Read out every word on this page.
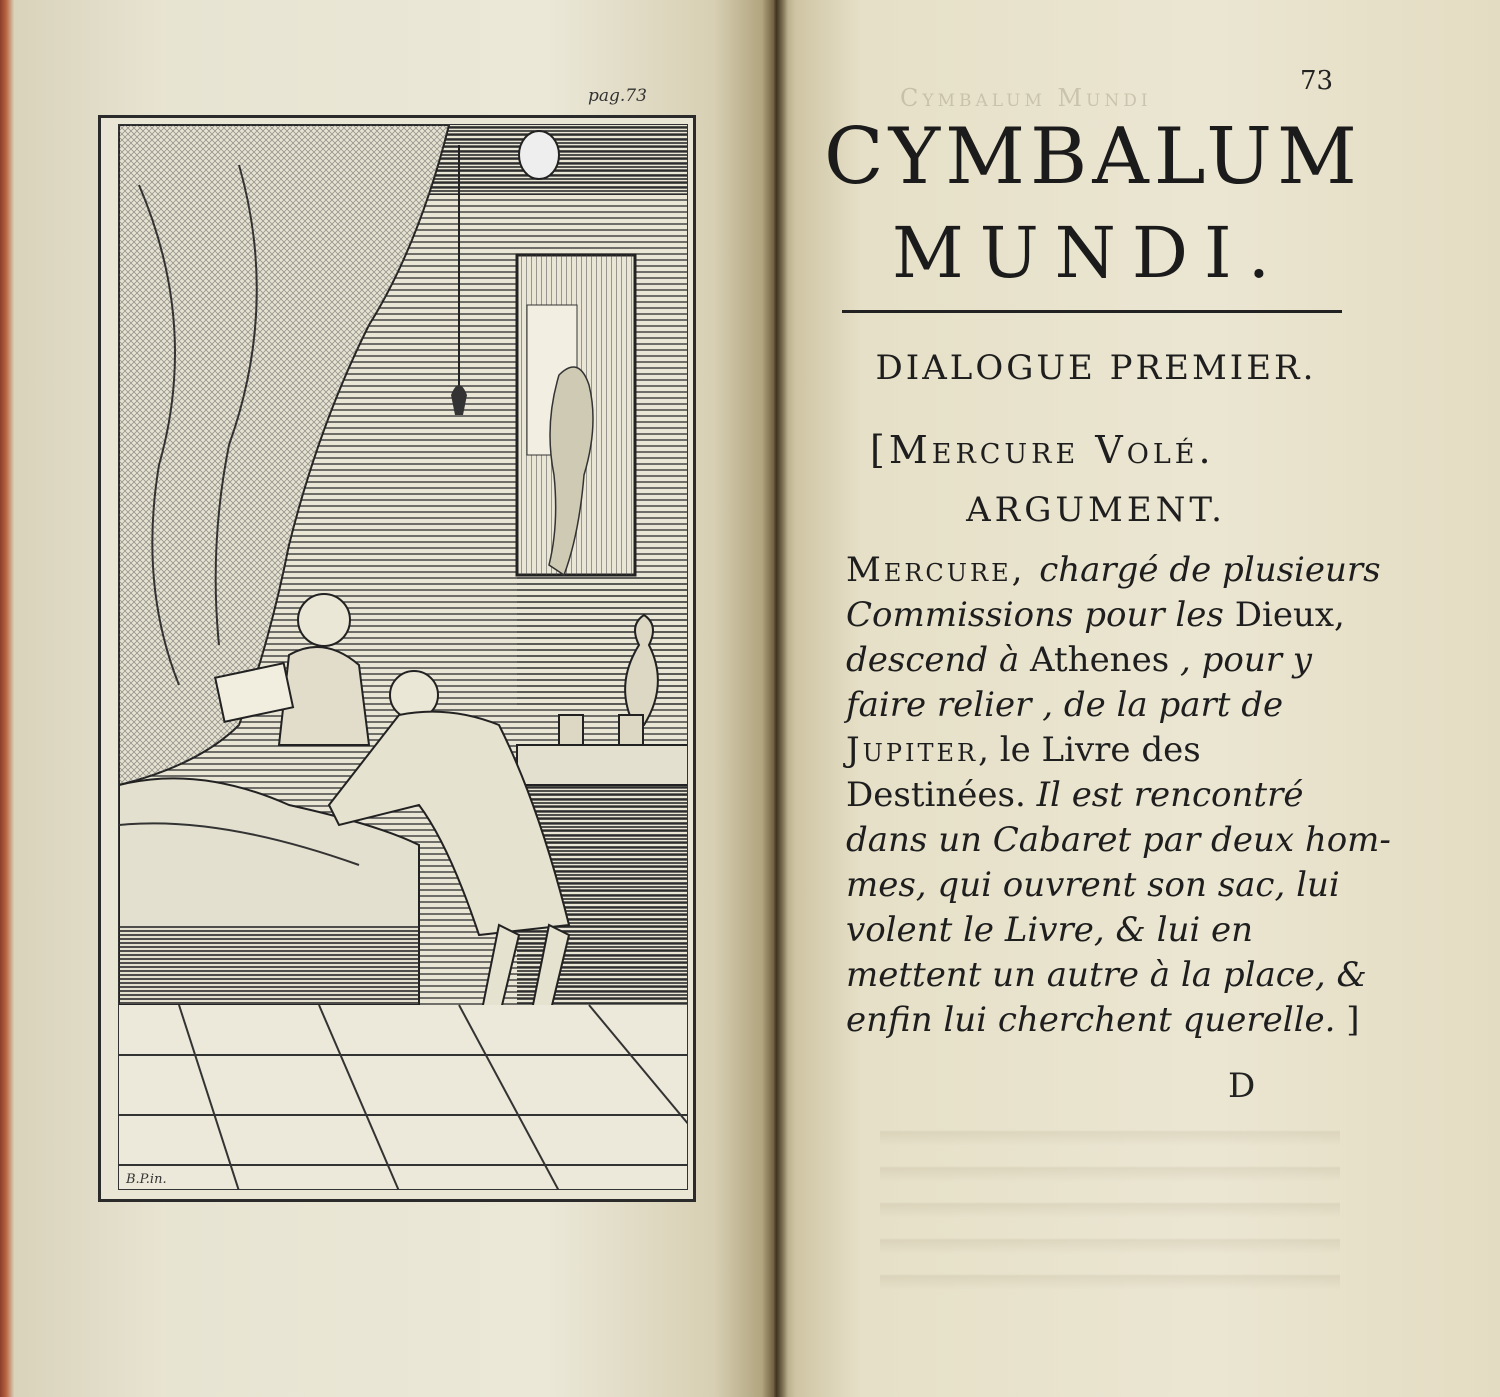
pag.73
B.P.in.
Cymbalum Mundi
73
CYMBALUM
MUNDI.
DIALOGUE PREMIER.
[Mercure Volé.
ARGUMENT.
Mercure, chargé de plusieurs
Commissions pour les Dieux,
descend à Athenes , pour y
faire relier , de la part de
Jupiter, le Livre des
Destinées. Il est rencontré
dans un Cabaret par deux hom-
mes, qui ouvrent son sac, lui
volent le Livre, & lui en
mettent un autre à la place, &
enfin lui cherchent querelle. ]
D
